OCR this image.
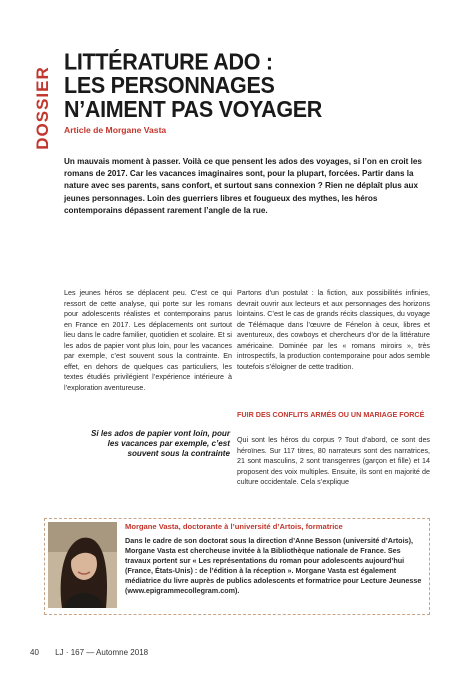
DOSSIER
LITTÉRATURE ADO :
LES PERSONNAGES
N’AIMENT PAS VOYAGER
Article de Morgane Vasta

Un mauvais moment à passer. Voilà ce que pensent les ados des voyages, si l’on en croit les romans de 2017. Car les vacances imaginaires sont, pour la plupart, forcées. Partir dans la nature avec ses parents, sans confort, et surtout sans connexion ? Rien ne déplaît plus aux jeunes personnages. Loin des guerriers libres et fougueux des mythes, les héros contemporains dépassent rarement l’angle de la rue.

Les jeunes héros se déplacent peu. C’est ce qui ressort de cette analyse, qui porte sur les romans pour adolescents réalistes et contemporains parus en France en 2017. Les déplacements ont surtout lieu dans le cadre familier, quotidien et scolaire. Et si les ados de papier vont plus loin, pour les vacances par exemple, c’est souvent sous la contrainte. En effet, en dehors de quelques cas particuliers, les textes étudiés privilégient l’expérience intérieure à l’exploration aventureuse.

Partons d’un postulat : la fiction, aux possibilités infinies, devrait ouvrir aux lecteurs et aux personnages des horizons lointains. C’est le cas de grands récits classiques, du voyage de Télémaque dans l’œuvre de Fénelon à ceux, libres et aventureux, des cowboys et chercheurs d’or de la littérature américaine. Dominée par les « romans miroirs », très introspectifs, la production contemporaine pour ados semble toutefois s’éloigner de cette tradition.

FUIR DES CONFLITS ARMÉS OU UN MARIAGE FORCÉ

Qui sont les héros du corpus ? Tout d’abord, ce sont des héroïnes. Sur 117 titres, 80 narrateurs sont des narratrices, 21 sont masculins, 2 sont transgenres (garçon et fille) et 14 proposent des voix multiples. Ensuite, ils sont en majorité de culture occidentale. Cela s’explique

Si les ados de papier vont loin, pour les vacances par exemple, c’est souvent sous la contrainte

Morgane Vasta, doctorante à l’université d’Artois, formatrice

Dans le cadre de son doctorat sous la direction d’Anne Besson (université d’Artois), Morgane Vasta est chercheuse invitée à la Bibliothèque nationale de France. Ses travaux portent sur « Les représentations du roman pour adolescents aujourd’hui (France, États-Unis) : de l’édition à la réception ». Morgane Vasta est également médiatrice du livre auprès de publics adolescents et formatrice pour Lecture Jeunesse (www.epigrammecollegram.com).

40 LJ · 167 — Automne 2018
